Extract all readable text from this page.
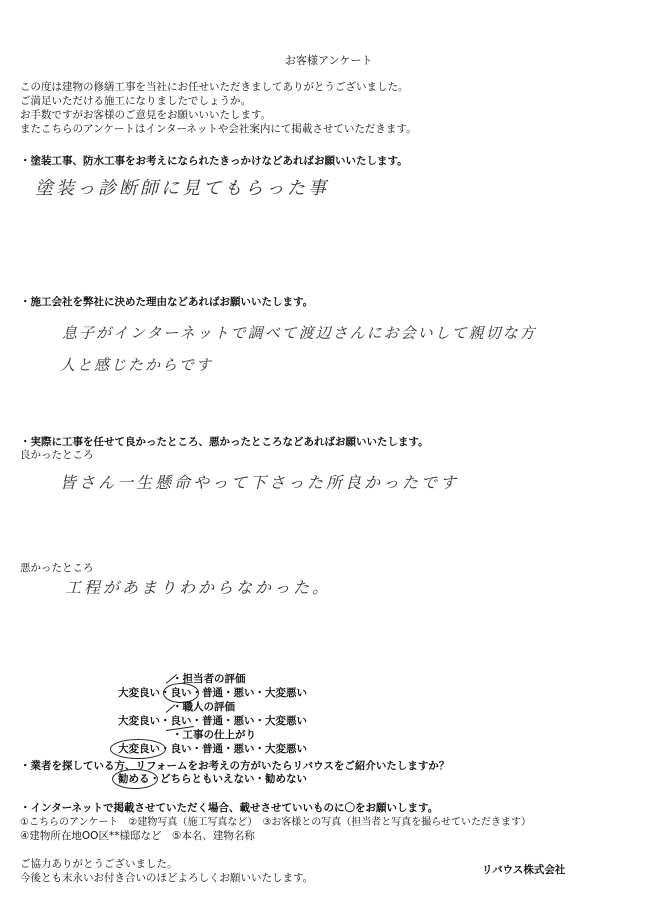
お客様アンケート
この度は建物の修繕工事を当社にお任せいただきましてありがとうございました。
ご満足いただける施工になりましたでしょうか。
お手数ですがお客様のご意見をお願いいいたします。
またこちらのアンケートはインターネットや会社案内にて掲載させていただきます。
・塗装工事、防水工事をお考えになられたきっかけなどあればお願いいたします。
塗装っ診断師に見てもらった事
・施工会社を弊社に決めた理由などあればお願いいたします。
息子がインターネットで調べて渡辺さんにお会いして親切な方
人と感じたからです
・実際に工事を任せて良かったところ、悪かったところなどあればお願いいたします。
良かったところ
皆さん一生懸命やって下さった所良かったです
悪かったところ
工程があまりわからなかった。
・担当者の評価
大変良い・良い・普通・悪い・大変悪い
・職人の評価
大変良い・良い・普通・悪い・大変悪い
・工事の仕上がり
大変良い・良い・普通・悪い・大変悪い
・業者を探している方、リフォームをお考えの方がいたらリバウスをご紹介いたしますか？
勧める・どちらともいえない・勧めない
・インターネットで掲載させていただく場合、載せさせていいものに〇をお願いします。
①こちらのアンケート　②建物写真（施工写真など）　③お客様との写真（担当者と写真を撮らせていただきます）
④建物所在地OO区**様邸など　⑤本名、建物名称
ご協力ありがとうございました。
今後とも末永いお付き合いのほどよろしくお願いいたします。
リバウス株式会社
